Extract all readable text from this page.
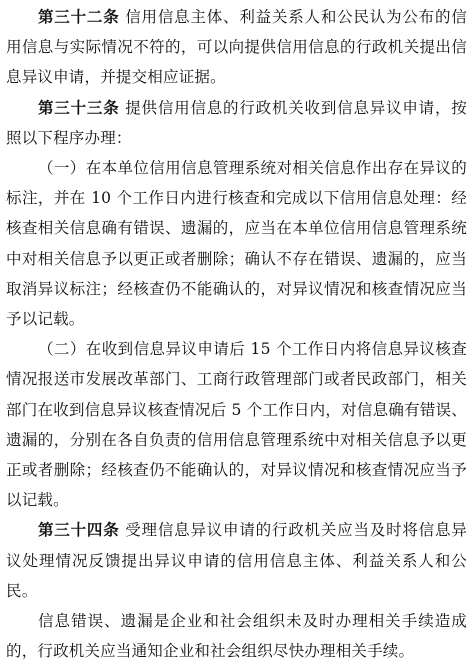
第三十二条 信用信息主体、利益关系人和公民认为公布的信用信息与实际情况不符的，可以向提供信用信息的行政机关提出信息异议申请，并提交相应证据。

第三十三条 提供信用信息的行政机关收到信息异议申请，按照以下程序办理：

（一）在本单位信用信息管理系统对相关信息作出存在异议的标注，并在 10 个工作日内进行核查和完成以下信用信息处理：经核查相关信息确有错误、遗漏的，应当在本单位信用信息管理系统中对相关信息予以更正或者删除；确认不存在错误、遗漏的，应当取消异议标注；经核查仍不能确认的，对异议情况和核查情况应当予以记载。

（二）在收到信息异议申请后 15 个工作日内将信息异议核查情况报送市发展改革部门、工商行政管理部门或者民政部门，相关部门在收到信息异议核查情况后 5 个工作日内，对信息确有错误、遗漏的，分别在各自负责的信用信息管理系统中对相关信息予以更正或者删除；经核查仍不能确认的，对异议情况和核查情况应当予以记载。

第三十四条 受理信息异议申请的行政机关应当及时将信息异议处理情况反馈提出异议申请的信用信息主体、利益关系人和公民。

信息错误、遗漏是企业和社会组织未及时办理相关手续造成的，行政机关应当通知企业和社会组织尽快办理相关手续。
